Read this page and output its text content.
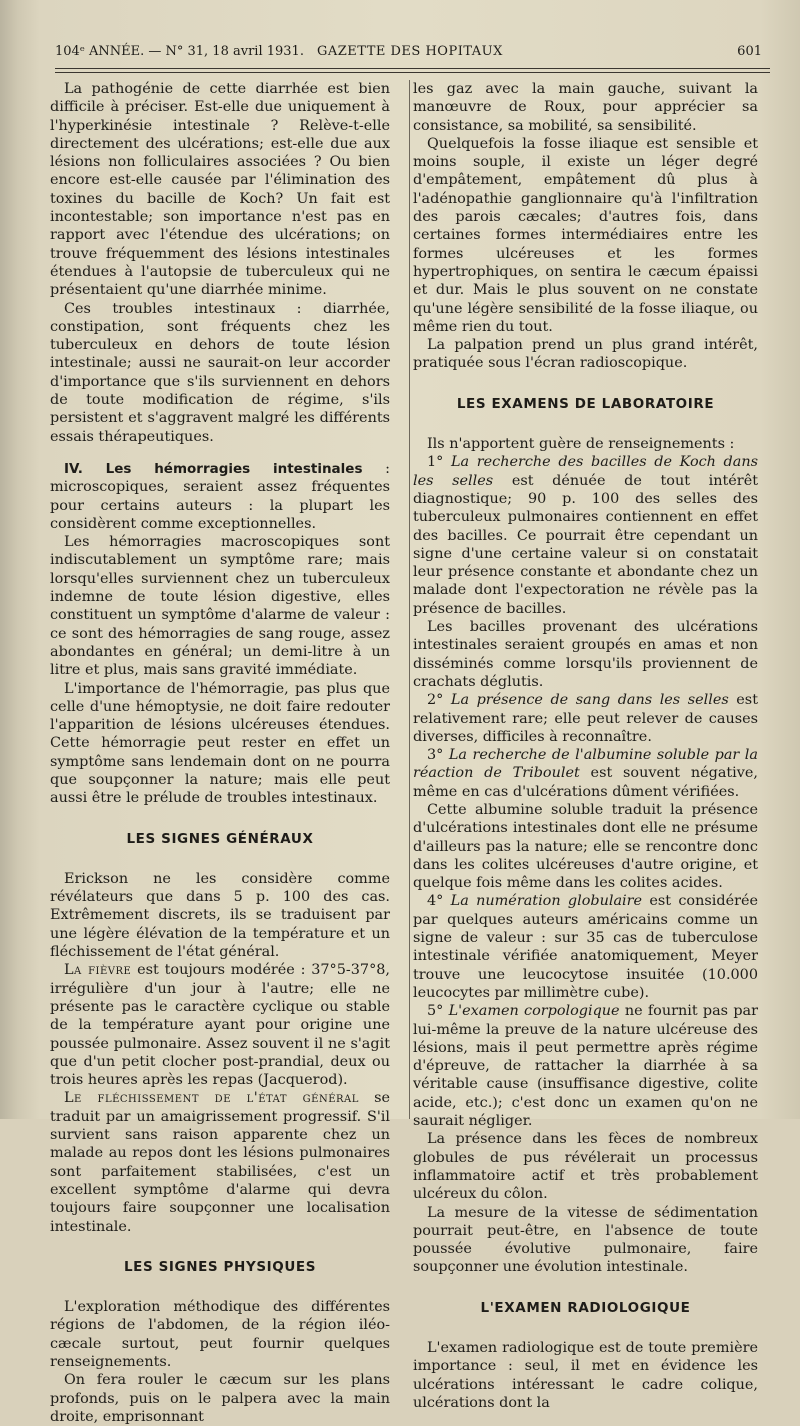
104ᵉ ANNÉE. — N° 31, 18 avril 1931. GAZETTE DES HOPITAUX	601

La pathogénie de cette diarrhée est bien difficile à préciser. Est-elle due uniquement à l'hyperkinésie intestinale ? Relève-t-elle directement des ulcérations; est-elle due aux lésions non folliculaires associées ? Ou bien encore est-elle causée par l'élimination des toxines du bacille de Koch? Un fait est incontestable; son importance n'est pas en rapport avec l'étendue des ulcérations; on trouve fréquemment des lésions intestinales étendues à l'autopsie de tuberculeux qui ne présentaient qu'une diarrhée minime.

Ces troubles intestinaux : diarrhée, constipation, sont fréquents chez les tuberculeux en dehors de toute lésion intestinale; aussi ne saurait-on leur accorder d'importance que s'ils surviennent en dehors de toute modification de régime, s'ils persistent et s'aggravent malgré les différents essais thérapeutiques.

IV. Les hémorragies intestinales : microscopiques, seraient assez fréquentes pour certains auteurs : la plupart les considèrent comme exceptionnelles.

Les hémorragies macroscopiques sont indiscutablement un symptôme rare; mais lorsqu'elles surviennent chez un tuberculeux indemne de toute lésion digestive, elles constituent un symptôme d'alarme de valeur : ce sont des hémorragies de sang rouge, assez abondantes en général; un demi-litre à un litre et plus, mais sans gravité immédiate.

L'importance de l'hémorragie, pas plus que celle d'une hémoptysie, ne doit faire redouter l'apparition de lésions ulcéreuses étendues. Cette hémorragie peut rester en effet un symptôme sans lendemain dont on ne pourra que soupçonner la nature; mais elle peut aussi être le prélude de troubles intestinaux.

LES SIGNES GÉNÉRAUX

Erickson ne les considère comme révélateurs que dans 5 p. 100 des cas. Extrêmement discrets, ils se traduisent par une légère élévation de la température et un fléchissement de l'état général.

La fièvre est toujours modérée : 37°5-37°8, irrégulière d'un jour à l'autre; elle ne présente pas le caractère cyclique ou stable de la température ayant pour origine une poussée pulmonaire. Assez souvent il ne s'agit que d'un petit clocher post-prandial, deux ou trois heures après les repas (Jacquerod).

Le fléchissement de l'état général se traduit par un amaigrissement progressif. S'il survient sans raison apparente chez un malade au repos dont les lésions pulmonaires sont parfaitement stabilisées, c'est un excellent symptôme d'alarme qui devra toujours faire soupçonner une localisation intestinale.

LES SIGNES PHYSIQUES

L'exploration méthodique des différentes régions de l'abdomen, de la région iléo-cæcale surtout, peut fournir quelques renseignements.

On fera rouler le cæcum sur les plans profonds, puis on le palpera avec la main droite, emprisonnant

les gaz avec la main gauche, suivant la manœuvre de Roux, pour apprécier sa consistance, sa mobilité, sa sensibilité.

Quelquefois la fosse iliaque est sensible et moins souple, il existe un léger degré d'empâtement, empâtement dû plus à l'adénopathie ganglionnaire qu'à l'infiltration des parois cæcales; d'autres fois, dans certaines formes intermédiaires entre les formes ulcéreuses et les formes hypertrophiques, on sentira le cæcum épaissi et dur. Mais le plus souvent on ne constate qu'une légère sensibilité de la fosse iliaque, ou même rien du tout.

La palpation prend un plus grand intérêt, pratiquée sous l'écran radioscopique.

LES EXAMENS DE LABORATOIRE

Ils n'apportent guère de renseignements :

1° La recherche des bacilles de Koch dans les selles est dénuée de tout intérêt diagnostique; 90 p. 100 des selles des tuberculeux pulmonaires contiennent en effet des bacilles. Ce pourrait être cependant un signe d'une certaine valeur si on constatait leur présence constante et abondante chez un malade dont l'expectoration ne révèle pas la présence de bacilles.

Les bacilles provenant des ulcérations intestinales seraient groupés en amas et non disséminés comme lorsqu'ils proviennent de crachats déglutis.

2° La présence de sang dans les selles est relativement rare; elle peut relever de causes diverses, difficiles à reconnaître.

3° La recherche de l'albumine soluble par la réaction de Triboulet est souvent négative, même en cas d'ulcérations dûment vérifiées.

Cette albumine soluble traduit la présence d'ulcérations intestinales dont elle ne présume d'ailleurs pas la nature; elle se rencontre donc dans les colites ulcéreuses d'autre origine, et quelque fois même dans les colites acides.

4° La numération globulaire est considérée par quelques auteurs américains comme un signe de valeur : sur 35 cas de tuberculose intestinale vérifiée anatomiquement, Meyer trouve une leucocytose insuitée (10.000 leucocytes par millimètre cube).

5° L'examen corpologique ne fournit pas par lui-même la preuve de la nature ulcéreuse des lésions, mais il peut permettre après régime d'épreuve, de rattacher la diarrhée à sa véritable cause (insuffisance digestive, colite acide, etc.); c'est donc un examen qu'on ne saurait négliger.

La présence dans les fèces de nombreux globules de pus révélerait un processus inflammatoire actif et très probablement ulcéreux du côlon.

La mesure de la vitesse de sédimentation pourrait peut-être, en l'absence de toute poussée évolutive pulmonaire, faire soupçonner une évolution intestinale.

L'EXAMEN RADIOLOGIQUE

L'examen radiologique est de toute première importance : seul, il met en évidence les ulcérations intéressant le cadre colique, ulcérations dont la
